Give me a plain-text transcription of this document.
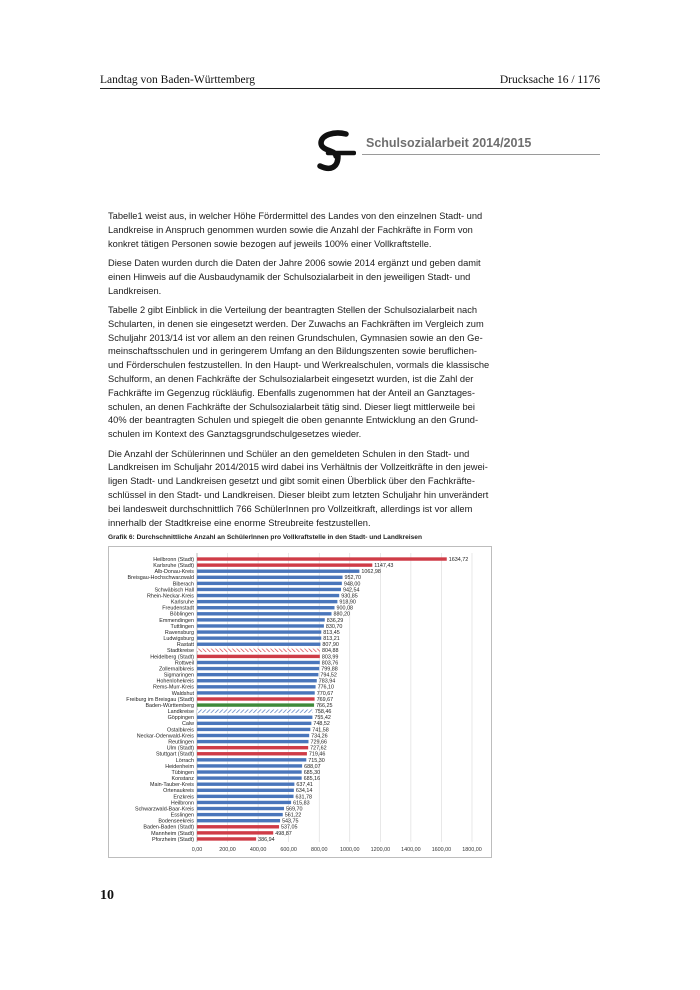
Landtag von Baden-Württemberg	Drucksache 16 / 1176
Schulsozialarbeit 2014/2015

Tabelle1 weist aus, in welcher Höhe Fördermittel des Landes von den einzelnen Stadt- und
Landkreise in Anspruch genommen wurden sowie die Anzahl der Fachkräfte in Form von
konkret tätigen Personen sowie bezogen auf jeweils 100% einer Vollkraftstelle.

Diese Daten wurden durch die Daten der Jahre 2006 sowie 2014 ergänzt und geben damit
einen Hinweis auf die Ausbaudynamik der Schulsozialarbeit in den jeweiligen Stadt- und
Landkreisen.

Tabelle 2 gibt Einblick in die Verteilung der beantragten Stellen der Schulsozialarbeit nach
Schularten, in denen sie eingesetzt werden. Der Zuwachs an Fachkräften im Vergleich zum
Schuljahr 2013/14 ist vor allem an den reinen Grundschulen, Gymnasien sowie an den Ge-
meinschaftsschulen und in geringerem Umfang an den Bildungszenten sowie beruflichen-
und Förderschulen festzustellen. In den Haupt- und Werkrealschulen, vormals die klassische
Schulform, an denen Fachkräfte der Schulsozialarbeit eingesetzt wurden, ist die Zahl der
Fachkräfte im Gegenzug rückläufig. Ebenfalls zugenommen hat der Anteil an Ganztages-
schulen, an denen Fachkräfte der Schulsozialarbeit tätig sind. Dieser liegt mittlerweile bei
40% der beantragten Schulen und spiegelt die oben genannte Entwicklung an den Grund-
schulen im Kontext des Ganztagsgrundschulgesetzes wieder.

Die Anzahl der Schülerinnen und Schüler an den gemeldeten Schulen in den Stadt- und
Landkreisen im Schuljahr 2014/2015 wird dabei ins Verhältnis der Vollzeitkräfte in den jewei-
ligen Stadt- und Landkreisen gesetzt und gibt somit einen Überblick über den Fachkräfte-
schlüssel in den Stadt- und Landkreisen. Dieser bleibt zum letzten Schuljahr hin unverändert
bei landesweit durchschnittlich 766 SchülerInnen pro Vollzeitkraft, allerdings ist vor allem
innerhalb der Stadtkreise eine enorme Streubreite festzustellen.

Grafik 6: Durchschnittliche Anzahl an SchülerInnen pro Vollkraftstelle in den Stadt- und Landkreisen
0,00	200,00	400,00	600,00	800,00 1000,00 1200,00 1400,00 1600,00 1800,00
Heilbronn (Stadt)	1634,72
Karlsruhe (Stadt)	1147,43
Alb-Donau-Kreis	1062,98
Breisgau-Hochschwarzwald	952,70
Biberach	948,00
Schwäbisch Hall	942,54
Rhein-Neckar-Kreis	930,85
Karlsruhe	918,90
Freudenstadt	900,08
Böblingen	880,20
Emmendingen	836,29
Tuttlingen	830,70
Ravensburg	813,45
Ludwigsburg	813,21
Rastatt	807,90
Stadtkreise	804,88
Heidelberg (Stadt)	803,99
Rottweil	803,76
Zollernalbkreis	799,88
Sigmaringen	794,52
Hohenlohekreis	783,94
Rems-Murr-Kreis	776,10
Waldshut	770,67
Freiburg im Breisgau (Stadt)	769,67
Baden-Württemberg	766,25
Landkreise	758,46
Göppingen	755,42
Calw	748,52
Ostalbkreis	741,58
Neckar-Odenwald-Kreis	734,26
Reutlingen	729,66
Ulm (Stadt)	727,62
Stuttgart (Stadt)	719,46
Lörrach	715,30
Heidenheim	688,07
Tübingen	685,30
Konstanz	685,16
Main-Tauber-Kreis	637,41
Ortenaukreis	634,14
Enzkreis	631,78
Heilbronn	615,83
Schwarzwald-Baar-Kreis	569,70
Esslingen	561,22
Bodenseekreis	543,75
Baden-Baden (Stadt)	537,05
Mannheim (Stadt)	498,87
Pforzheim (Stadt)	386,94
10
